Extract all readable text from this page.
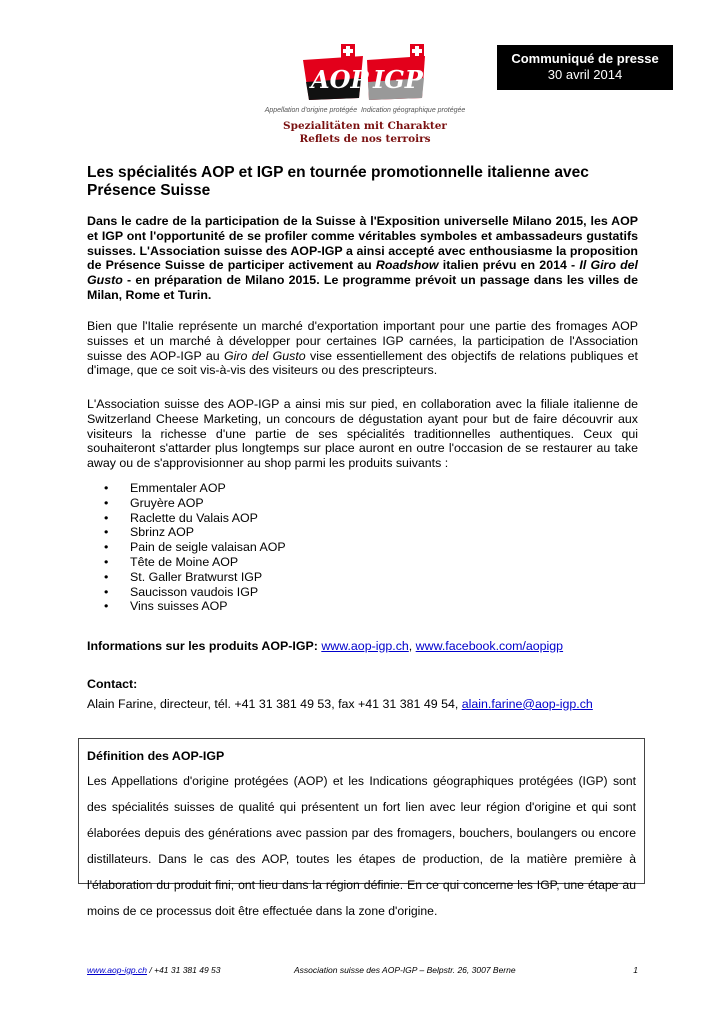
Communiqué de presse
30 avril 2014
AOP IGP
Appellation d'origine protégée Indication géographique protégée
Spezialitäten mit Charakter
Reflets de nos terroirs
Les spécialités AOP et IGP en tournée promotionnelle italienne avec Présence Suisse

Dans le cadre de la participation de la Suisse à l'Exposition universelle Milano 2015, les AOP et IGP ont l'opportunité de se profiler comme véritables symboles et ambassadeurs gustatifs suisses. L'Association suisse des AOP-IGP a ainsi accepté avec enthousiasme la proposition de Présence Suisse de participer activement au Roadshow italien prévu en 2014 - Il Giro del Gusto - en préparation de Milano 2015. Le programme prévoit un passage dans les villes de Milan, Rome et Turin.

Bien que l'Italie représente un marché d'exportation important pour une partie des fromages AOP suisses et un marché à développer pour certaines IGP carnées, la participation de l'Association suisse des AOP-IGP au Giro del Gusto vise essentiellement des objectifs de relations publiques et d'image, que ce soit vis-à-vis des visiteurs ou des prescripteurs.

L'Association suisse des AOP-IGP a ainsi mis sur pied, en collaboration avec la filiale italienne de Switzerland Cheese Marketing, un concours de dégustation ayant pour but de faire découvrir aux visiteurs la richesse d'une partie de ses spécialités traditionnelles authentiques. Ceux qui souhaiteront s'attarder plus longtemps sur place auront en outre l'occasion de se restaurer au take away ou de s'approvisionner au shop parmi les produits suivants :

• Emmentaler AOP
• Gruyère AOP
• Raclette du Valais AOP
• Sbrinz AOP
• Pain de seigle valaisan AOP
• Tête de Moine AOP
• St. Galler Bratwurst IGP
• Saucisson vaudois IGP
• Vins suisses AOP

Informations sur les produits AOP-IGP: www.aop-igp.ch, www.facebook.com/aopigp

Contact:

Alain Farine, directeur, tél. +41 31 381 49 53, fax +41 31 381 49 54, alain.farine@aop-igp.ch

Définition des AOP-IGP

Les Appellations d'origine protégées (AOP) et les Indications géographiques protégées (IGP) sont des spécialités suisses de qualité qui présentent un fort lien avec leur région d'origine et qui sont élaborées depuis des générations avec passion par des fromagers, bouchers, boulangers ou encore distillateurs. Dans le cas des AOP, toutes les étapes de production, de la matière première à l'élaboration du produit fini, ont lieu dans la région définie. En ce qui concerne les IGP, une étape au moins de ce processus doit être effectuée dans la zone d'origine.

www.aop-igp.ch / +41 31 381 49 53	Association suisse des AOP-IGP – Belpstr. 26, 3007 Berne	1
